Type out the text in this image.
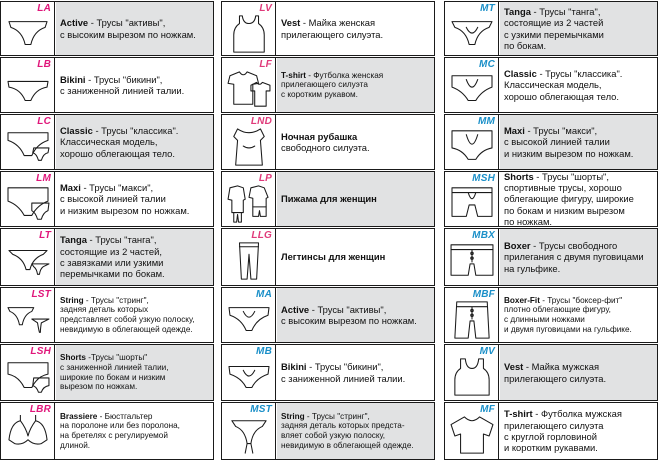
LA
Active - Трусы "активы",
с высоким вырезом по ножкам.
LB
Bikini - Трусы "бикини",
с заниженной линией талии.
LC
Classic - Трусы "классика".
Классическая модель,
хорошо облегающая тело.
LM
Maxi - Трусы "макси",
с высокой линией талии
и низким вырезом по ножкам.
LT Tanga - Трусы "танга",
состоящие из 2 частей,
с завязками или узкими
перемычками по бокам.
LST
String - Трусы "стринг",
задняя деталь которых
представляет собой узкую полоску,
невидимую в облегающей одежде.
LSH
Shorts -Трусы "шорты"
с заниженной линией талии,
широкие по бокам и низким
вырезом по ножкам.
LBR
Brassiere - Бюстгальтер
на поролоне или без поролона,
на бретелях с регулируемой
длиной.
LV
Vest - Майка женская
прилегающего силуэта.
LF
T-shirt - Футболка женская
прилегающего силуэта
с коротким рукавом.
LND
Ночная рубашка
свободного силуэта.
LP
Пижама для женщин
LLG
Легтинсы для женщин
MA
Active - Трусы "активы",
с высоким вырезом по ножкам.
MB
Bikini - Трусы "бикини",
с заниженной линией талии.
MST
String - Трусы "стринг",
задняя деталь которых предста-
вляет собой узкую полоску,
невидимую в облегающей одежде.
MT Tanga - Трусы "танга",
состоящие из 2 частей
с узкими перемычками
по бокам.
MC
Classic - Трусы "классика".
Классическая модель,
хорошо облегающая тело.
MM
Maxi - Трусы "макси",
с высокой линией талии
и низким вырезом по ножкам.
MSH Shorts - Трусы "шорты",
спортивные трусы, хорошо
облегающие фигуру, широкие
по бокам и низким вырезом
по ножкам.
MBX
Boxer - Трусы свободного
прилегания с двумя пуговицами
на гульфике.
MBF
Boxer-Fit - Трусы "боксер-фит"
плотно облегающие фигуру,
с длинными ножками
и двумя пуговицами на гульфике.
MV
Vest - Майка мужская
прилегающего силуэта.
MF T-shirt - Футболка мужская
прилегающего силуэта
с круглой горловиной
и коротким рукавами.
